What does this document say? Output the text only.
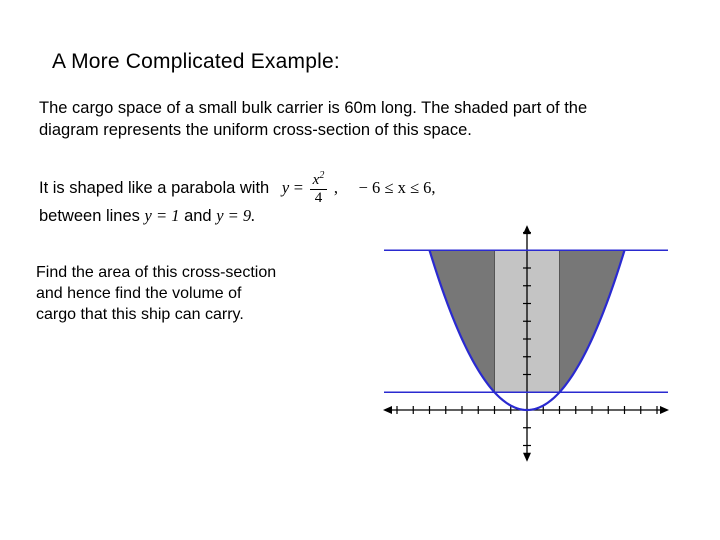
A More Complicated Example:
The cargo space of a small bulk carrier is 60m long. The shaded part of the
diagram represents the uniform cross-section of this space.
It is shaped like a parabola with $y = \frac{x^2}{4}$ , − 6 ≤ x ≤ 6,
between lines y = 1 and y = 9.
Find the area of this cross-section
and hence find the volume of
cargo that this ship can carry.
